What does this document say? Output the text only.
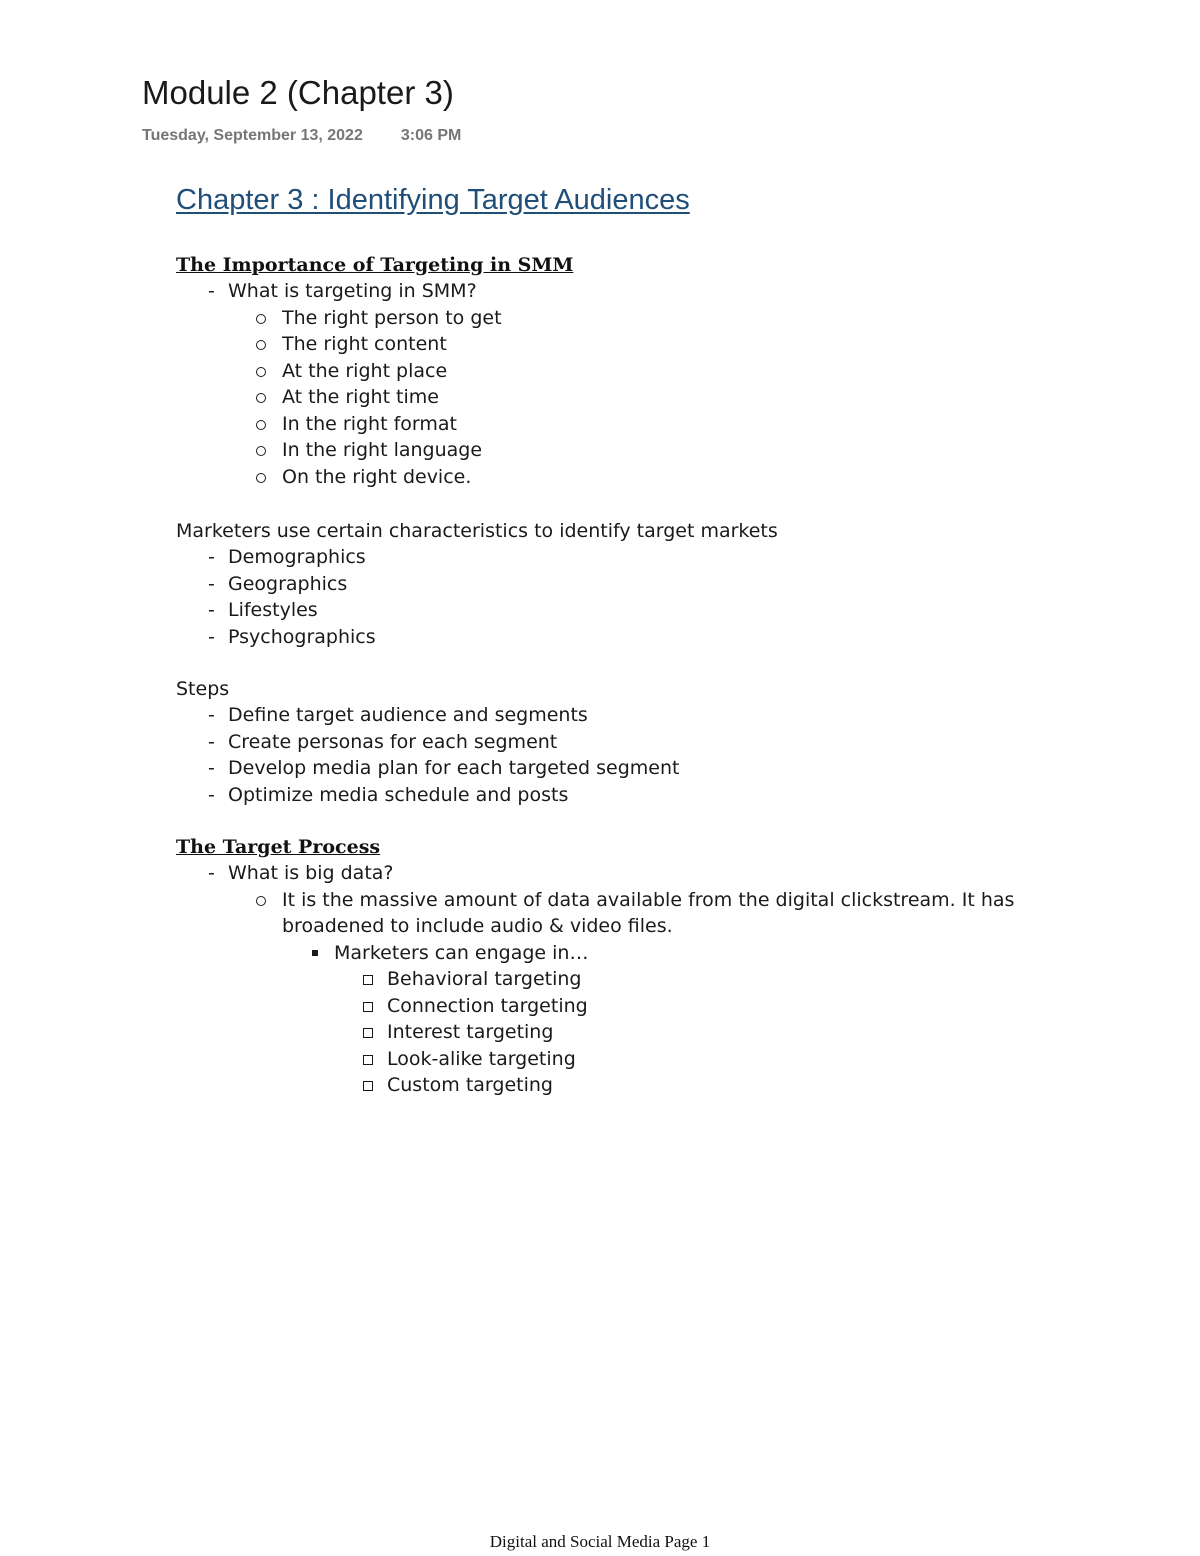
Module 2 (Chapter 3)
Tuesday, September 13, 2022 3:06 PM
Chapter 3 : Identifying Target Audiences
The Importance of Targeting in SMM
- What is targeting in SMM?
The right person to get
The right content
At the right place
At the right time
In the right format
In the right language
On the right device.

Marketers use certain characteristics to identify target markets

- Demographics
- Geographics
- Lifestyles
- Psychographics

Steps

- Define target audience and segments
- Create personas for each segment
- Develop media plan for each targeted segment
- Optimize media schedule and posts
The Target Process
- What is big data?
It is the massive amount of data available from the digital clickstream. It has broadened to include audio & video files.
Marketers can engage in…
Behavioral targeting
Connection targeting
Interest targeting
Look-alike targeting
Custom targeting
Digital and Social Media Page 1
